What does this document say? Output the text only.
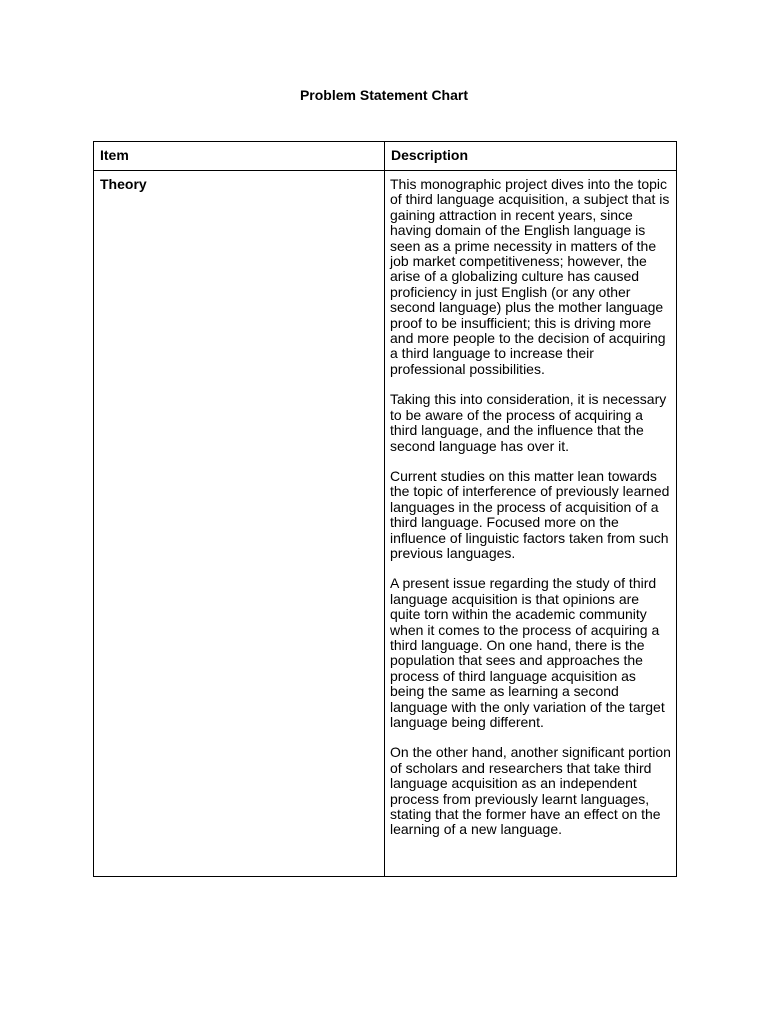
Problem Statement Chart
Item	Description

Theory	This monographic project dives into the topic of third language acquisition, a subject that is gaining attraction in recent years, since having domain of the English language is seen as a prime necessity in matters of the job market competitiveness; however, the arise of a globalizing culture has caused proficiency in just English (or any other second language) plus the mother language proof to be insufficient; this is driving more and more people to the decision of acquiring a third language to increase their professional possibilities.

Taking this into consideration, it is necessary to be aware of the process of acquiring a third language, and the influence that the second language has over it.

Current studies on this matter lean towards the topic of interference of previously learned languages in the process of acquisition of a third language. Focused more on the influence of linguistic factors taken from such previous languages.

A present issue regarding the study of third language acquisition is that opinions are quite torn within the academic community when it comes to the process of acquiring a third language. On one hand, there is the population that sees and approaches the process of third language acquisition as being the same as learning a second language with the only variation of the target language being different.

On the other hand, another significant portion of scholars and researchers that take third language acquisition as an independent process from previously learnt languages, stating that the former have an effect on the learning of a new language.
